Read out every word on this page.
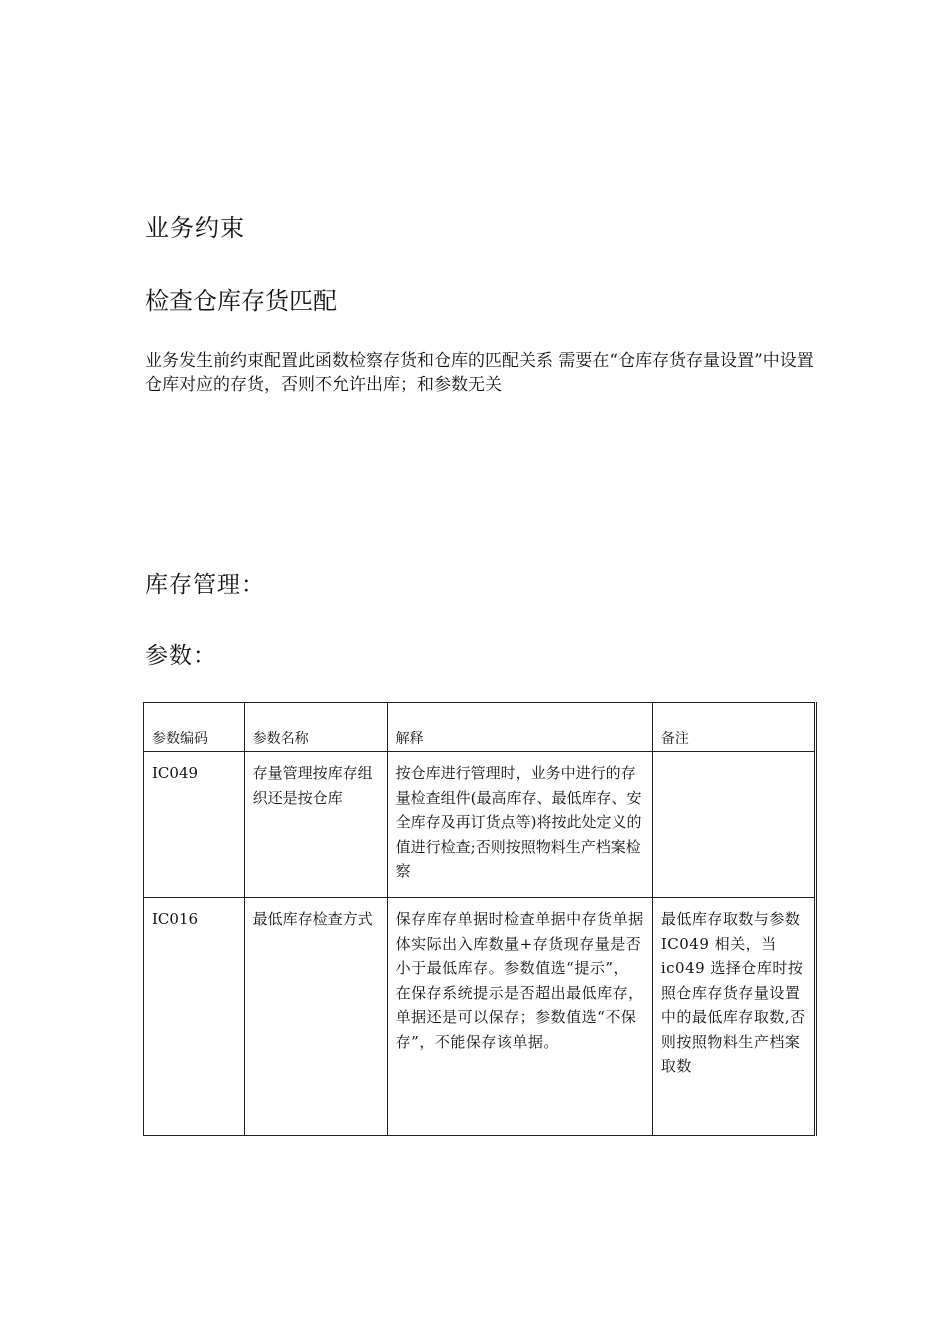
业务约束
检查仓库存货匹配

业务发生前约束配置此函数检察存货和仓库的匹配关系 需要在“仓库存货存量设置”中设置仓库对应的存货，否则不允许出库；和参数无关

库存管理：
参数：
参数编码	参数名称	解释	备注
IC049	存量管理按库存组织还是按仓库	按仓库进行管理时，业务中进行的存量检查组件(最高库存、最低库存、安全库存及再订货点等)将按此处定义的值进行检查;否则按照物料生产档案检察	
IC016	最低库存检查方式	保存库存单据时检查单据中存货单据体实际出入库数量+存货现存量是否小于最低库存。参数值选“提示”，在保存系统提示是否超出最低库存，单据还是可以保存；参数值选“不保存”，不能保存该单据。	最低库存取数与参数 IC049 相关，当 ic049 选择仓库时按照仓库存货存量设置中的最低库存取数,否则按照物料生产档案取数
